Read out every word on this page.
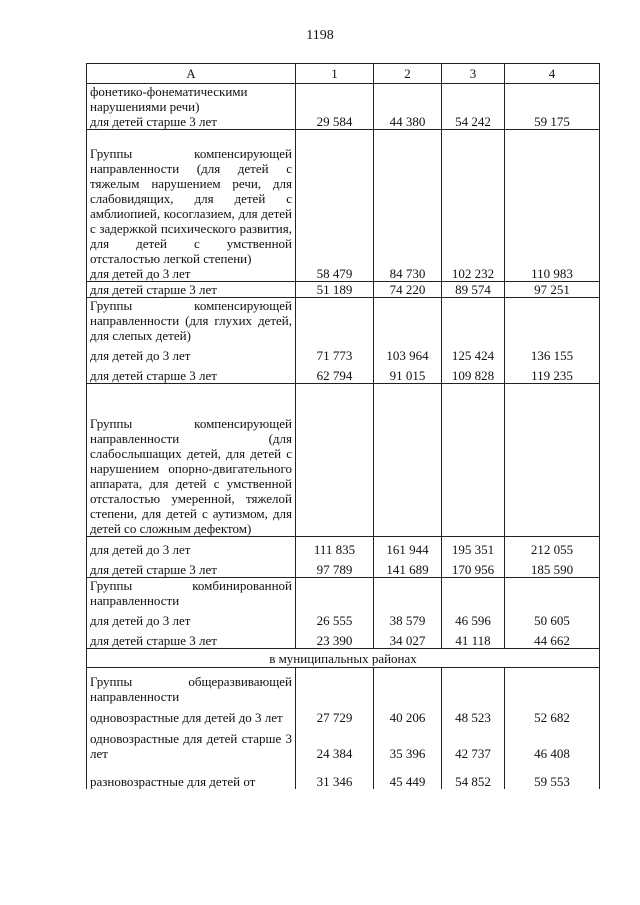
1198
А	1	2	3	4
фонетико-фонематическими нарушениями речи)				
для детей старше 3 лет	29 584	44 380	54 242	59 175
Группы компенсирующей направленности (для детей с тяжелым нарушением речи, для слабовидящих, для детей с амблиопией, косоглазием, для детей с задержкой психического развития, для детей с умственной отсталостью легкой степени)				
для детей до 3 лет	58 479	84 730	102 232	110 983
для детей старше 3 лет	51 189	74 220	89 574	97 251
Группы компенсирующей направленности (для глухих детей, для слепых детей)				
для детей до 3 лет	71 773	103 964	125 424	136 155
для детей старше 3 лет	62 794	91 015	109 828	119 235
Группы компенсирующей направленности (для слабослышащих детей, для детей с нарушением опорно-двигательного аппарата, для детей с умственной отсталостью умеренной, тяжелой степени, для детей с аутизмом, для детей со сложным дефектом)				
для детей до 3 лет	111 835	161 944	195 351	212 055
для детей старше 3 лет	97 789	141 689	170 956	185 590
Группы комбинированной направленности				
для детей до 3 лет	26 555	38 579	46 596	50 605
для детей старше 3 лет	23 390	34 027	41 118	44 662
в муниципальных районах				
Группы общеразвивающей направленности				
одновозрастные для детей до 3 лет	27 729	40 206	48 523	52 682
одновозрастные для детей старше 3 лет	24 384	35 396	42 737	46 408
разновозрастные для детей от	31 346	45 449	54 852	59 553
